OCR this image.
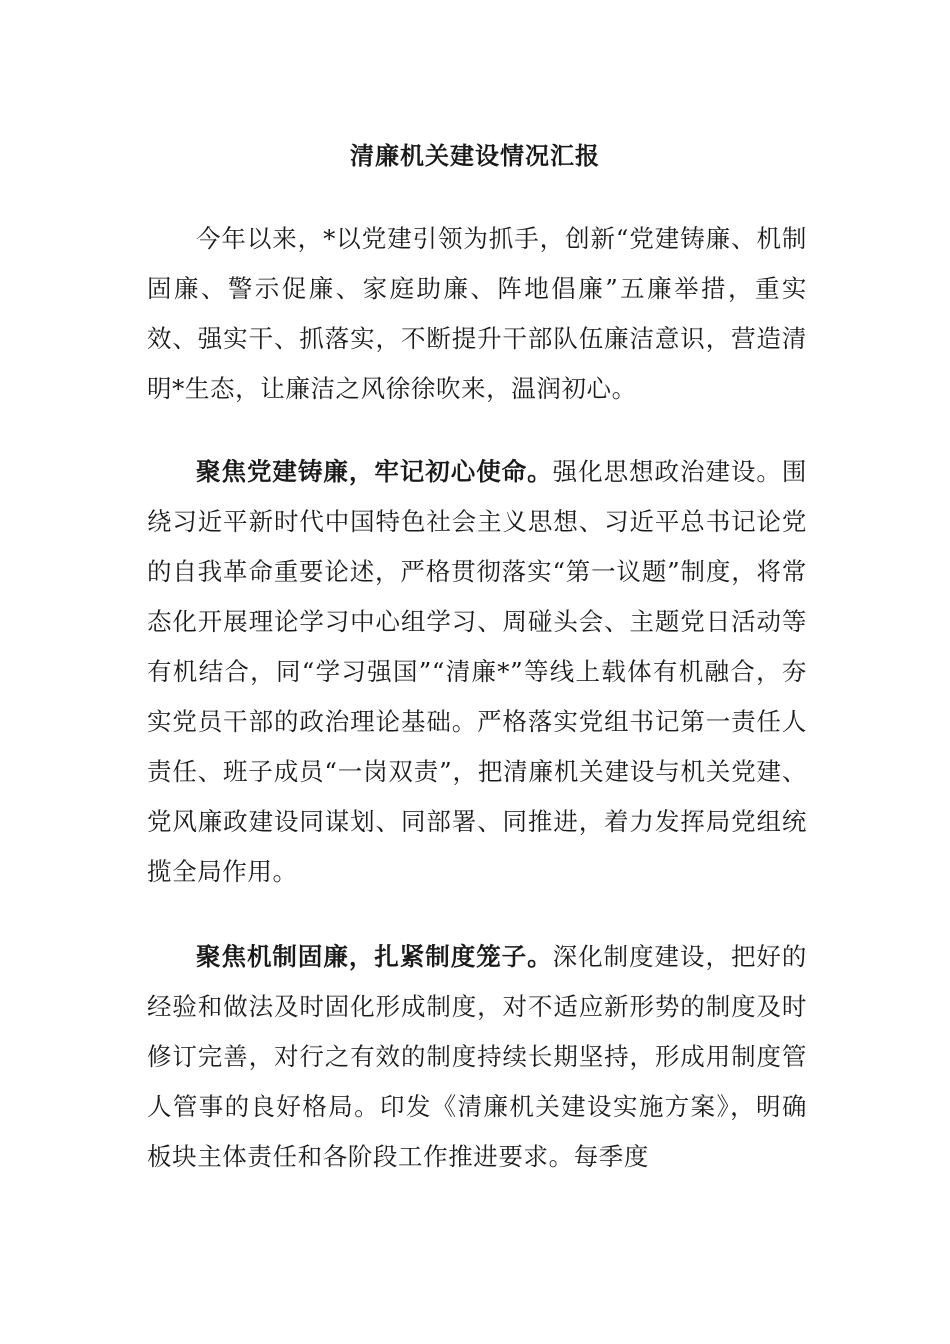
清廉机关建设情况汇报

今年以来，*以党建引领为抓手，创新“党建铸廉、机制固廉、警示促廉、家庭助廉、阵地倡廉”五廉举措，重实效、强实干、抓落实，不断提升干部队伍廉洁意识，营造清明*生态，让廉洁之风徐徐吹来，温润初心。

聚焦党建铸廉，牢记初心使命。强化思想政治建设。围绕习近平新时代中国特色社会主义思想、习近平总书记论党的自我革命重要论述，严格贯彻落实“第一议题”制度，将常态化开展理论学习中心组学习、周碰头会、主题党日活动等有机结合，同“学习强国”“清廉*”等线上载体有机融合，夯实党员干部的政治理论基础。严格落实党组书记第一责任人责任、班子成员“一岗双责”，把清廉机关建设与机关党建、党风廉政建设同谋划、同部署、同推进，着力发挥局党组统揽全局作用。

聚焦机制固廉，扎紧制度笼子。深化制度建设，把好的经验和做法及时固化形成制度，对不适应新形势的制度及时修订完善，对行之有效的制度持续长期坚持，形成用制度管人管事的良好格局。印发《清廉机关建设实施方案》，明确板块主体责任和各阶段工作推进要求。每季度
